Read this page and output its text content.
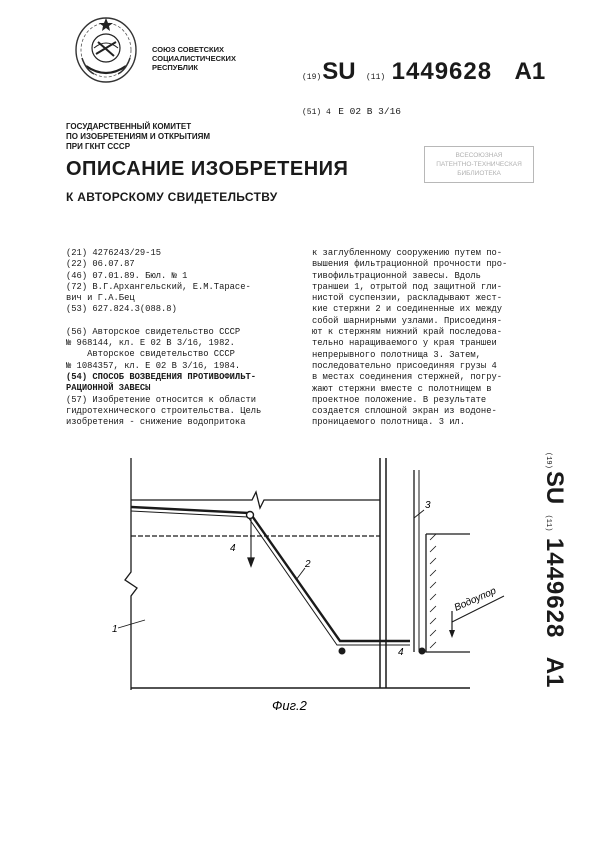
СОЮЗ СОВЕТСКИХ
СОЦИАЛИСТИЧЕСКИХ
РЕСПУБЛИК
(19)SU (11) 1449628 A1
(51) 4 E 02 B 3/16
ГОСУДАРСТВЕННЫЙ КОМИТЕТ
ПО ИЗОБРЕТЕНИЯМ И ОТКРЫТИЯМ
ПРИ ГКНТ СССР
ОПИСАНИЕ ИЗОБРЕТЕНИЯ
К АВТОРСКОМУ СВИДЕТЕЛЬСТВУ
ВСЕСОЮЗНАЯ
ПАТЕНТНО-ТЕХНИЧЕСКАЯ
БИБЛИОТЕКА
(21) 4276243/29-15
(22) 06.07.87
(46) 07.01.89. Бюл. № 1
(72) В.Г.Архангельский, Е.М.Тарасе-
вич и Г.А.Бец
(53) 627.824.3(088.8)
(56) Авторское свидетельство СССР
№ 968144, кл. Е 02 В 3/16, 1982.
Авторское свидетельство СССР
№ 1084357, кл. Е 02 В 3/16, 1984.
(54) СПОСОБ ВОЗВЕДЕНИЯ ПРОТИВОФИЛЬТ-
РАЦИОННОЙ ЗАВЕСЫ
(57) Изобретение относится к области
гидротехнического строительства. Цель
изобретения - снижение водопритока
к заглубленному сооружению путем по-
вышения фильтрационной прочности про-
тивофильтрационной завесы. Вдоль
траншеи 1, отрытой под защитной гли-
нистой суспензии, раскладывают жест-
кие стержни 2 и соединенные их между
собой шарнирными узлами. Присоединя-
ют к стержням нижний край последова-
тельно наращиваемого у края траншеи
непрерывного полотнища 3. Затем,
последовательно присоединяя грузы 4
в местах соединения стержней, погру-
жают стержни вместе с полотнищем в
проектное положение. В результате
создается сплошной экран из водоне-
проницаемого полотнища. 3 ил.
(19)SU (11) 1449628 A1
1
2
3
4
4
Водоупор
Фиг.2
